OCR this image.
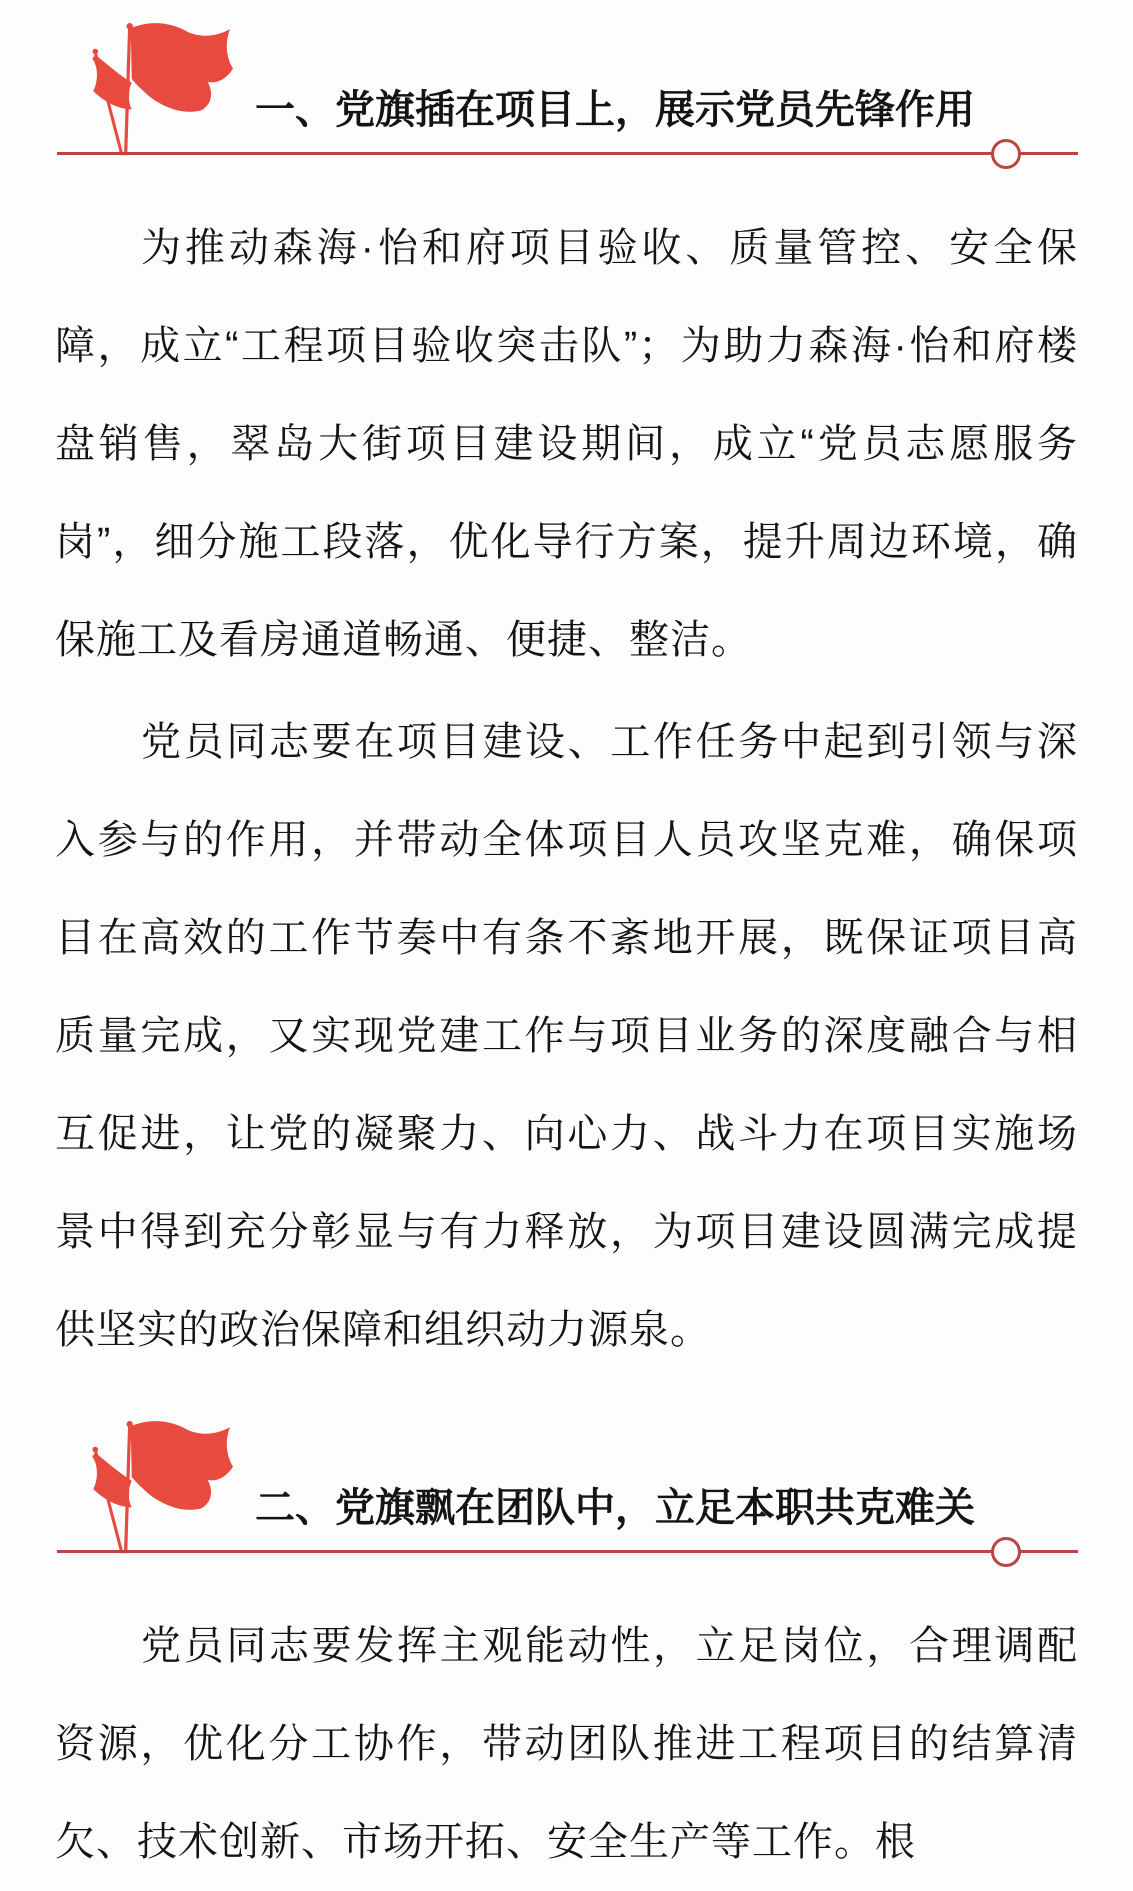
一、党旗插在项目上，展示党员先锋作用

为推动森海·怡和府项目验收、质量管控、安全保障，成立“工程项目验收突击队”；为助力森海·怡和府楼盘销售，翠岛大街项目建设期间，成立“党员志愿服务岗”，细分施工段落，优化导行方案，提升周边环境，确保施工及看房通道畅通、便捷、整洁。

党员同志要在项目建设、工作任务中起到引领与深入参与的作用，并带动全体项目人员攻坚克难，确保项目在高效的工作节奏中有条不紊地开展，既保证项目高质量完成，又实现党建工作与项目业务的深度融合与相互促进，让党的凝聚力、向心力、战斗力在项目实施场景中得到充分彰显与有力释放，为项目建设圆满完成提供坚实的政治保障和组织动力源泉。

二、党旗飘在团队中，立足本职共克难关

党员同志要发挥主观能动性，立足岗位，合理调配资源，优化分工协作，带动团队推进工程项目的结算清欠、技术创新、市场开拓、安全生产等工作。根
